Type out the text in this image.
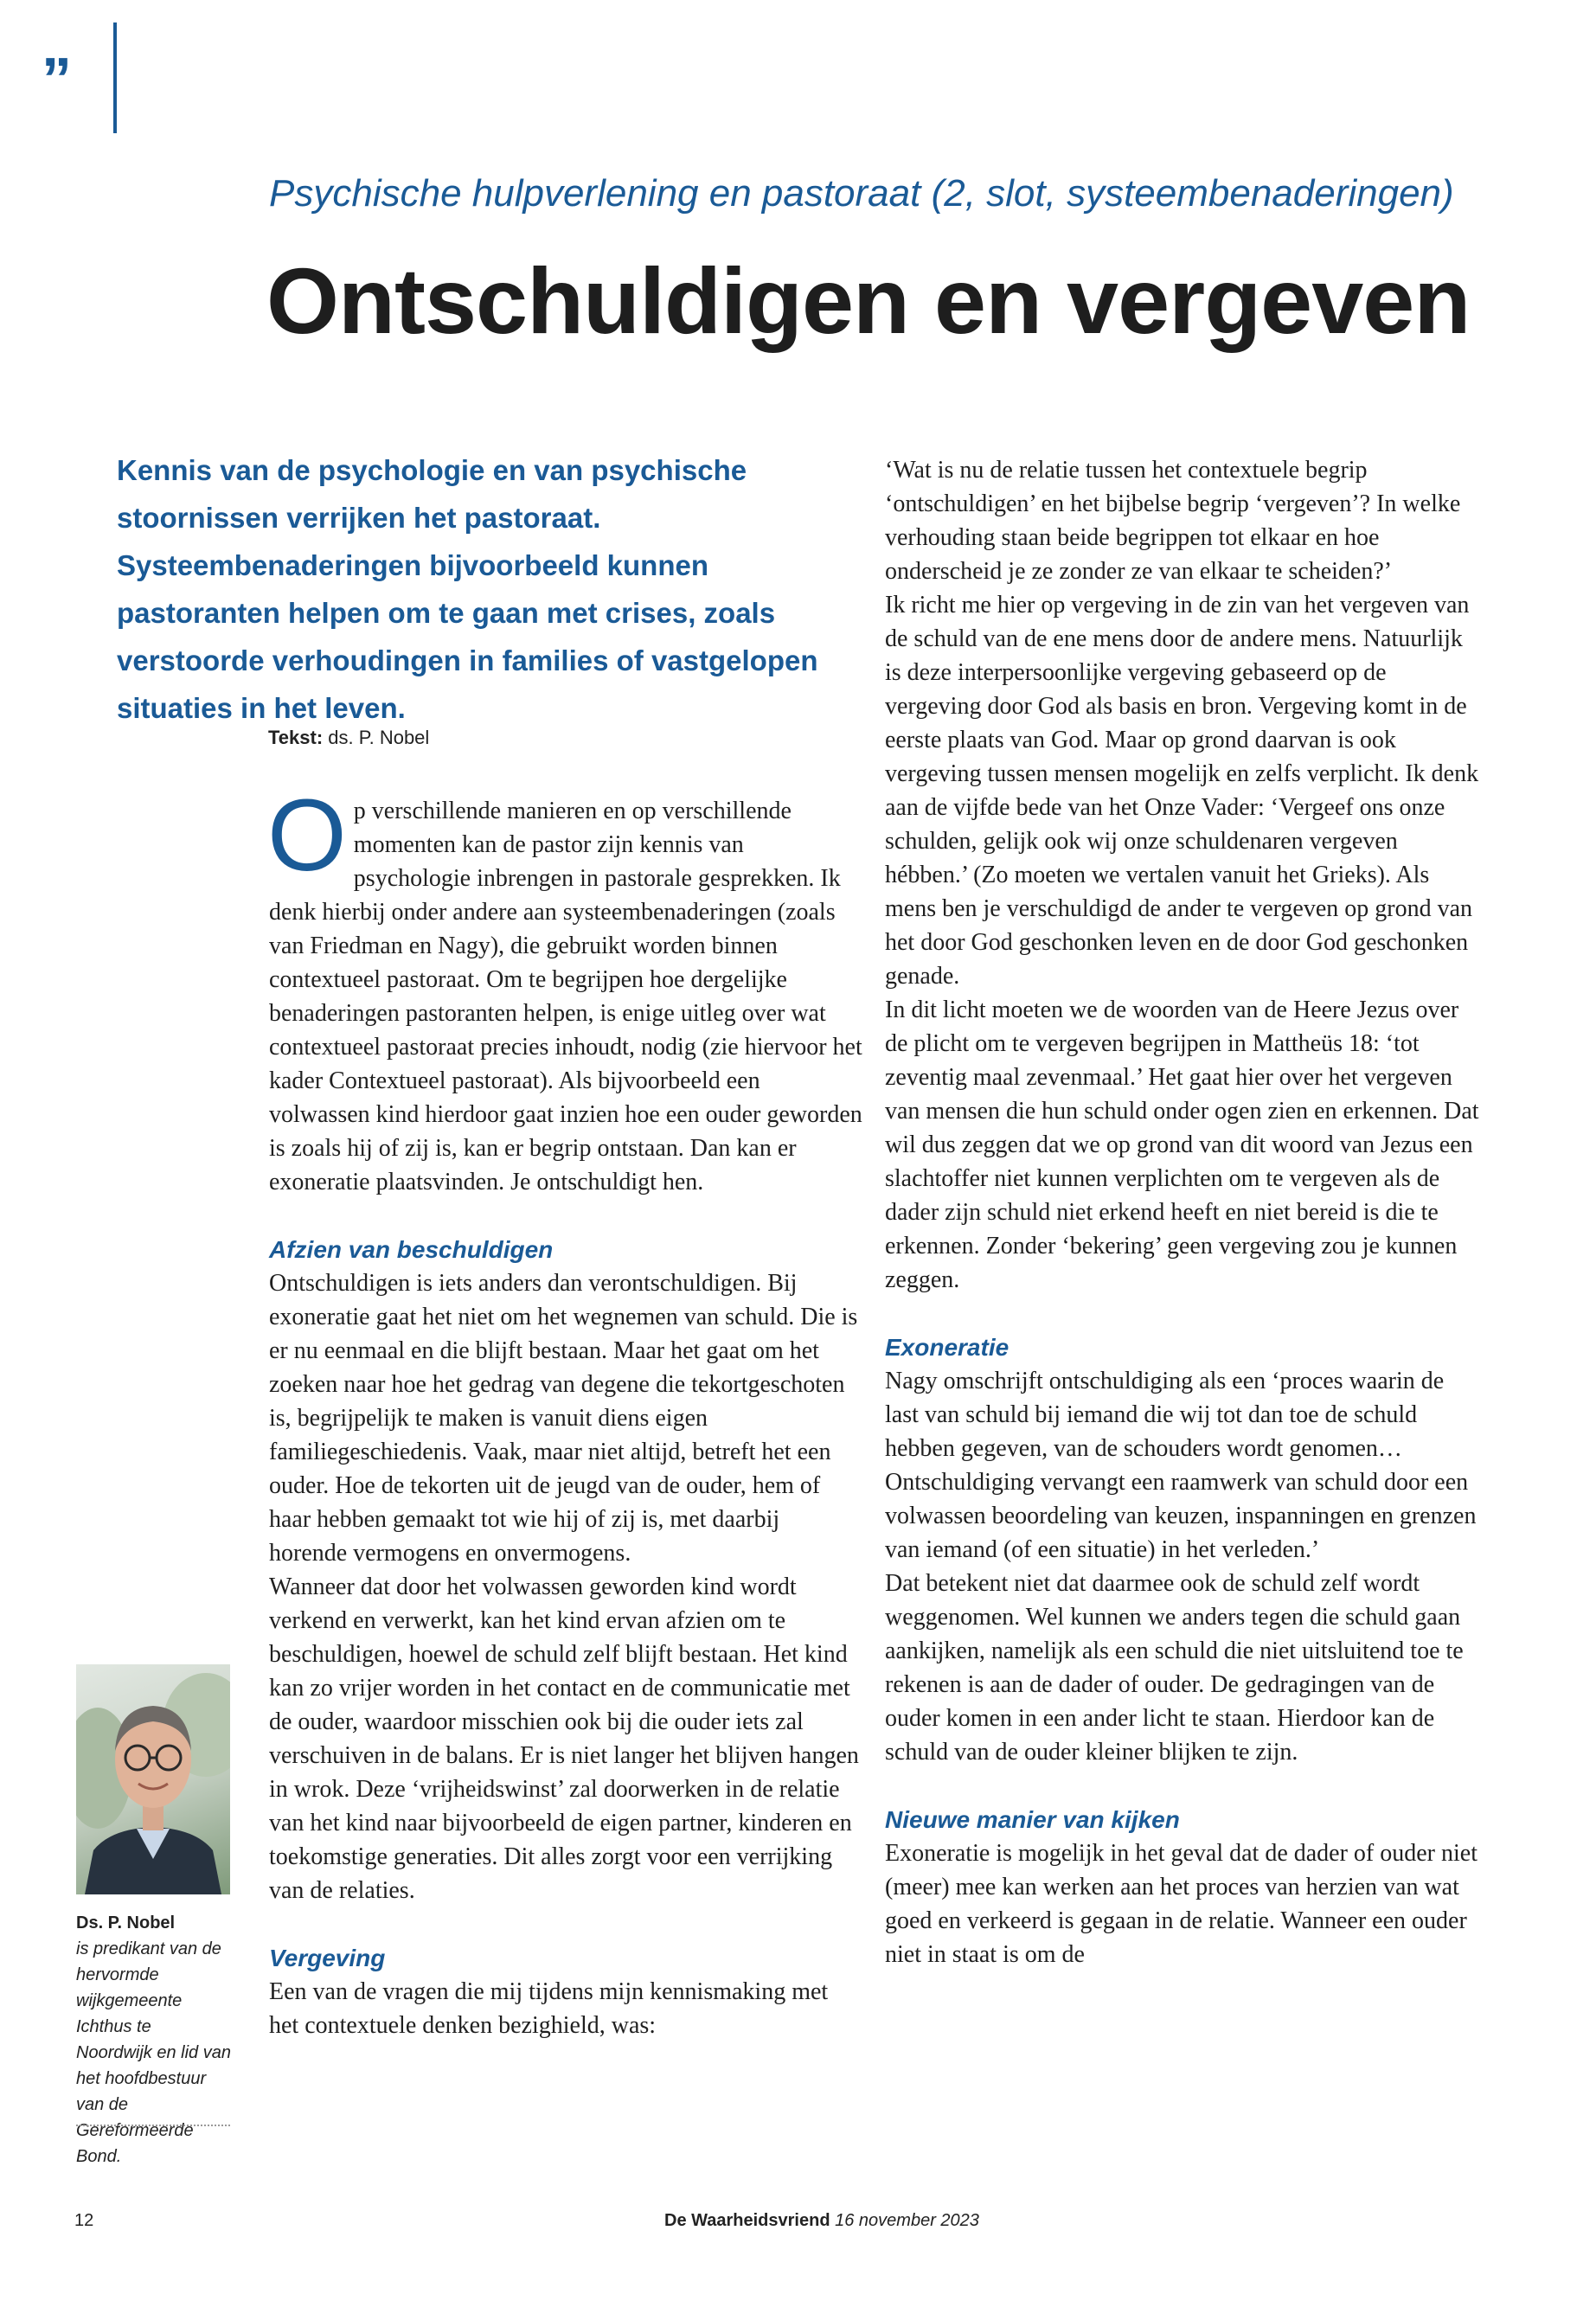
”
Psychische hulpverlening en pastoraat (2, slot, systeembenaderingen)
Ontschuldigen en vergeven

Kennis van de psychologie en van psychische stoornissen verrijken het pastoraat. Systeembenaderingen bijvoorbeeld kunnen pastoranten helpen om te gaan met crises, zoals verstoorde verhoudingen in families of vastgelopen situaties in het leven.

Tekst: ds. P. Nobel

Op verschillende manieren en op verschillende momenten kan de pastor zijn kennis van psychologie inbrengen in pastorale gesprekken. Ik denk hierbij onder andere aan systeembenaderingen (zoals van Friedman en Nagy), die gebruikt worden binnen contextueel pastoraat. Om te begrijpen hoe dergelijke benaderingen pastoranten helpen, is enige uitleg over wat contextueel pastoraat precies inhoudt, nodig (zie hiervoor het kader Contextueel pastoraat). Als bijvoorbeeld een volwassen kind hierdoor gaat inzien hoe een ouder geworden is zoals hij of zij is, kan er begrip ontstaan. Dan kan er exoneratie plaatsvinden. Je ontschuldigt hen.

Afzien van beschuldigen

Ontschuldigen is iets anders dan verontschuldigen. Bij exoneratie gaat het niet om het wegnemen van schuld. Die is er nu eenmaal en die blijft bestaan. Maar het gaat om het zoeken naar hoe het gedrag van degene die tekortgeschoten is, begrijpelijk te maken is vanuit diens eigen familiegeschiedenis. Vaak, maar niet altijd, betreft het een ouder. Hoe de tekorten uit de jeugd van de ouder, hem of haar hebben gemaakt tot wie hij of zij is, met daarbij horende vermogens en onvermogens.

Wanneer dat door het volwassen geworden kind wordt verkend en verwerkt, kan het kind ervan afzien om te beschuldigen, hoewel de schuld zelf blijft bestaan. Het kind kan zo vrijer worden in het contact en de communicatie met de ouder, waardoor misschien ook bij die ouder iets zal verschuiven in de balans. Er is niet langer het blijven hangen in wrok. Deze ‘vrijheidswinst’ zal doorwerken in de relatie van het kind naar bijvoorbeeld de eigen partner, kinderen en toekomstige generaties. Dit alles zorgt voor een verrijking van de relaties.

Vergeving

Een van de vragen die mij tijdens mijn kennismaking met het contextuele denken bezighield, was:

‘Wat is nu de relatie tussen het contextuele begrip ‘ontschuldigen’ en het bijbelse begrip ‘vergeven’? In welke verhouding staan beide begrippen tot elkaar en hoe onderscheid je ze zonder ze van elkaar te scheiden?’

Ik richt me hier op vergeving in de zin van het vergeven van de schuld van de ene mens door de andere mens. Natuurlijk is deze interpersoonlijke vergeving gebaseerd op de vergeving door God als basis en bron. Vergeving komt in de eerste plaats van God. Maar op grond daarvan is ook vergeving tussen mensen mogelijk en zelfs verplicht. Ik denk aan de vijfde bede van het Onze Vader: ‘Vergeef ons onze schulden, gelijk ook wij onze schuldenaren vergeven hébben.’ (Zo moeten we vertalen vanuit het Grieks). Als mens ben je verschuldigd de ander te vergeven op grond van het door God geschonken leven en de door God geschonken genade.

In dit licht moeten we de woorden van de Heere Jezus over de plicht om te vergeven begrijpen in Mattheüs 18: ‘tot zeventig maal zevenmaal.’ Het gaat hier over het vergeven van mensen die hun schuld onder ogen zien en erkennen. Dat wil dus zeggen dat we op grond van dit woord van Jezus een slachtoffer niet kunnen verplichten om te vergeven als de dader zijn schuld niet erkend heeft en niet bereid is die te erkennen. Zonder ‘bekering’ geen vergeving zou je kunnen zeggen.

Exoneratie

Nagy omschrijft ontschuldiging als een ‘proces waarin de last van schuld bij iemand die wij tot dan toe de schuld hebben gegeven, van de schouders wordt genomen… Ontschuldiging vervangt een raamwerk van schuld door een volwassen beoordeling van keuzen, inspanningen en grenzen van iemand (of een situatie) in het verleden.’

Dat betekent niet dat daarmee ook de schuld zelf wordt weggenomen. Wel kunnen we anders tegen die schuld gaan aankijken, namelijk als een schuld die niet uitsluitend toe te rekenen is aan de dader of ouder. De gedragingen van de ouder komen in een ander licht te staan. Hierdoor kan de schuld van de ouder kleiner blijken te zijn.

Nieuwe manier van kijken

Exoneratie is mogelijk in het geval dat de dader of ouder niet (meer) mee kan werken aan het proces van herzien van wat goed en verkeerd is gegaan in de relatie. Wanneer een ouder niet in staat is om de

Ds. P. Nobel
is predikant van de hervormde wijkgemeente Ichthus te Noordwijk en lid van het hoofdbestuur van de Gereformeerde Bond.

12	De Waarheidsvriend 16 november 2023
